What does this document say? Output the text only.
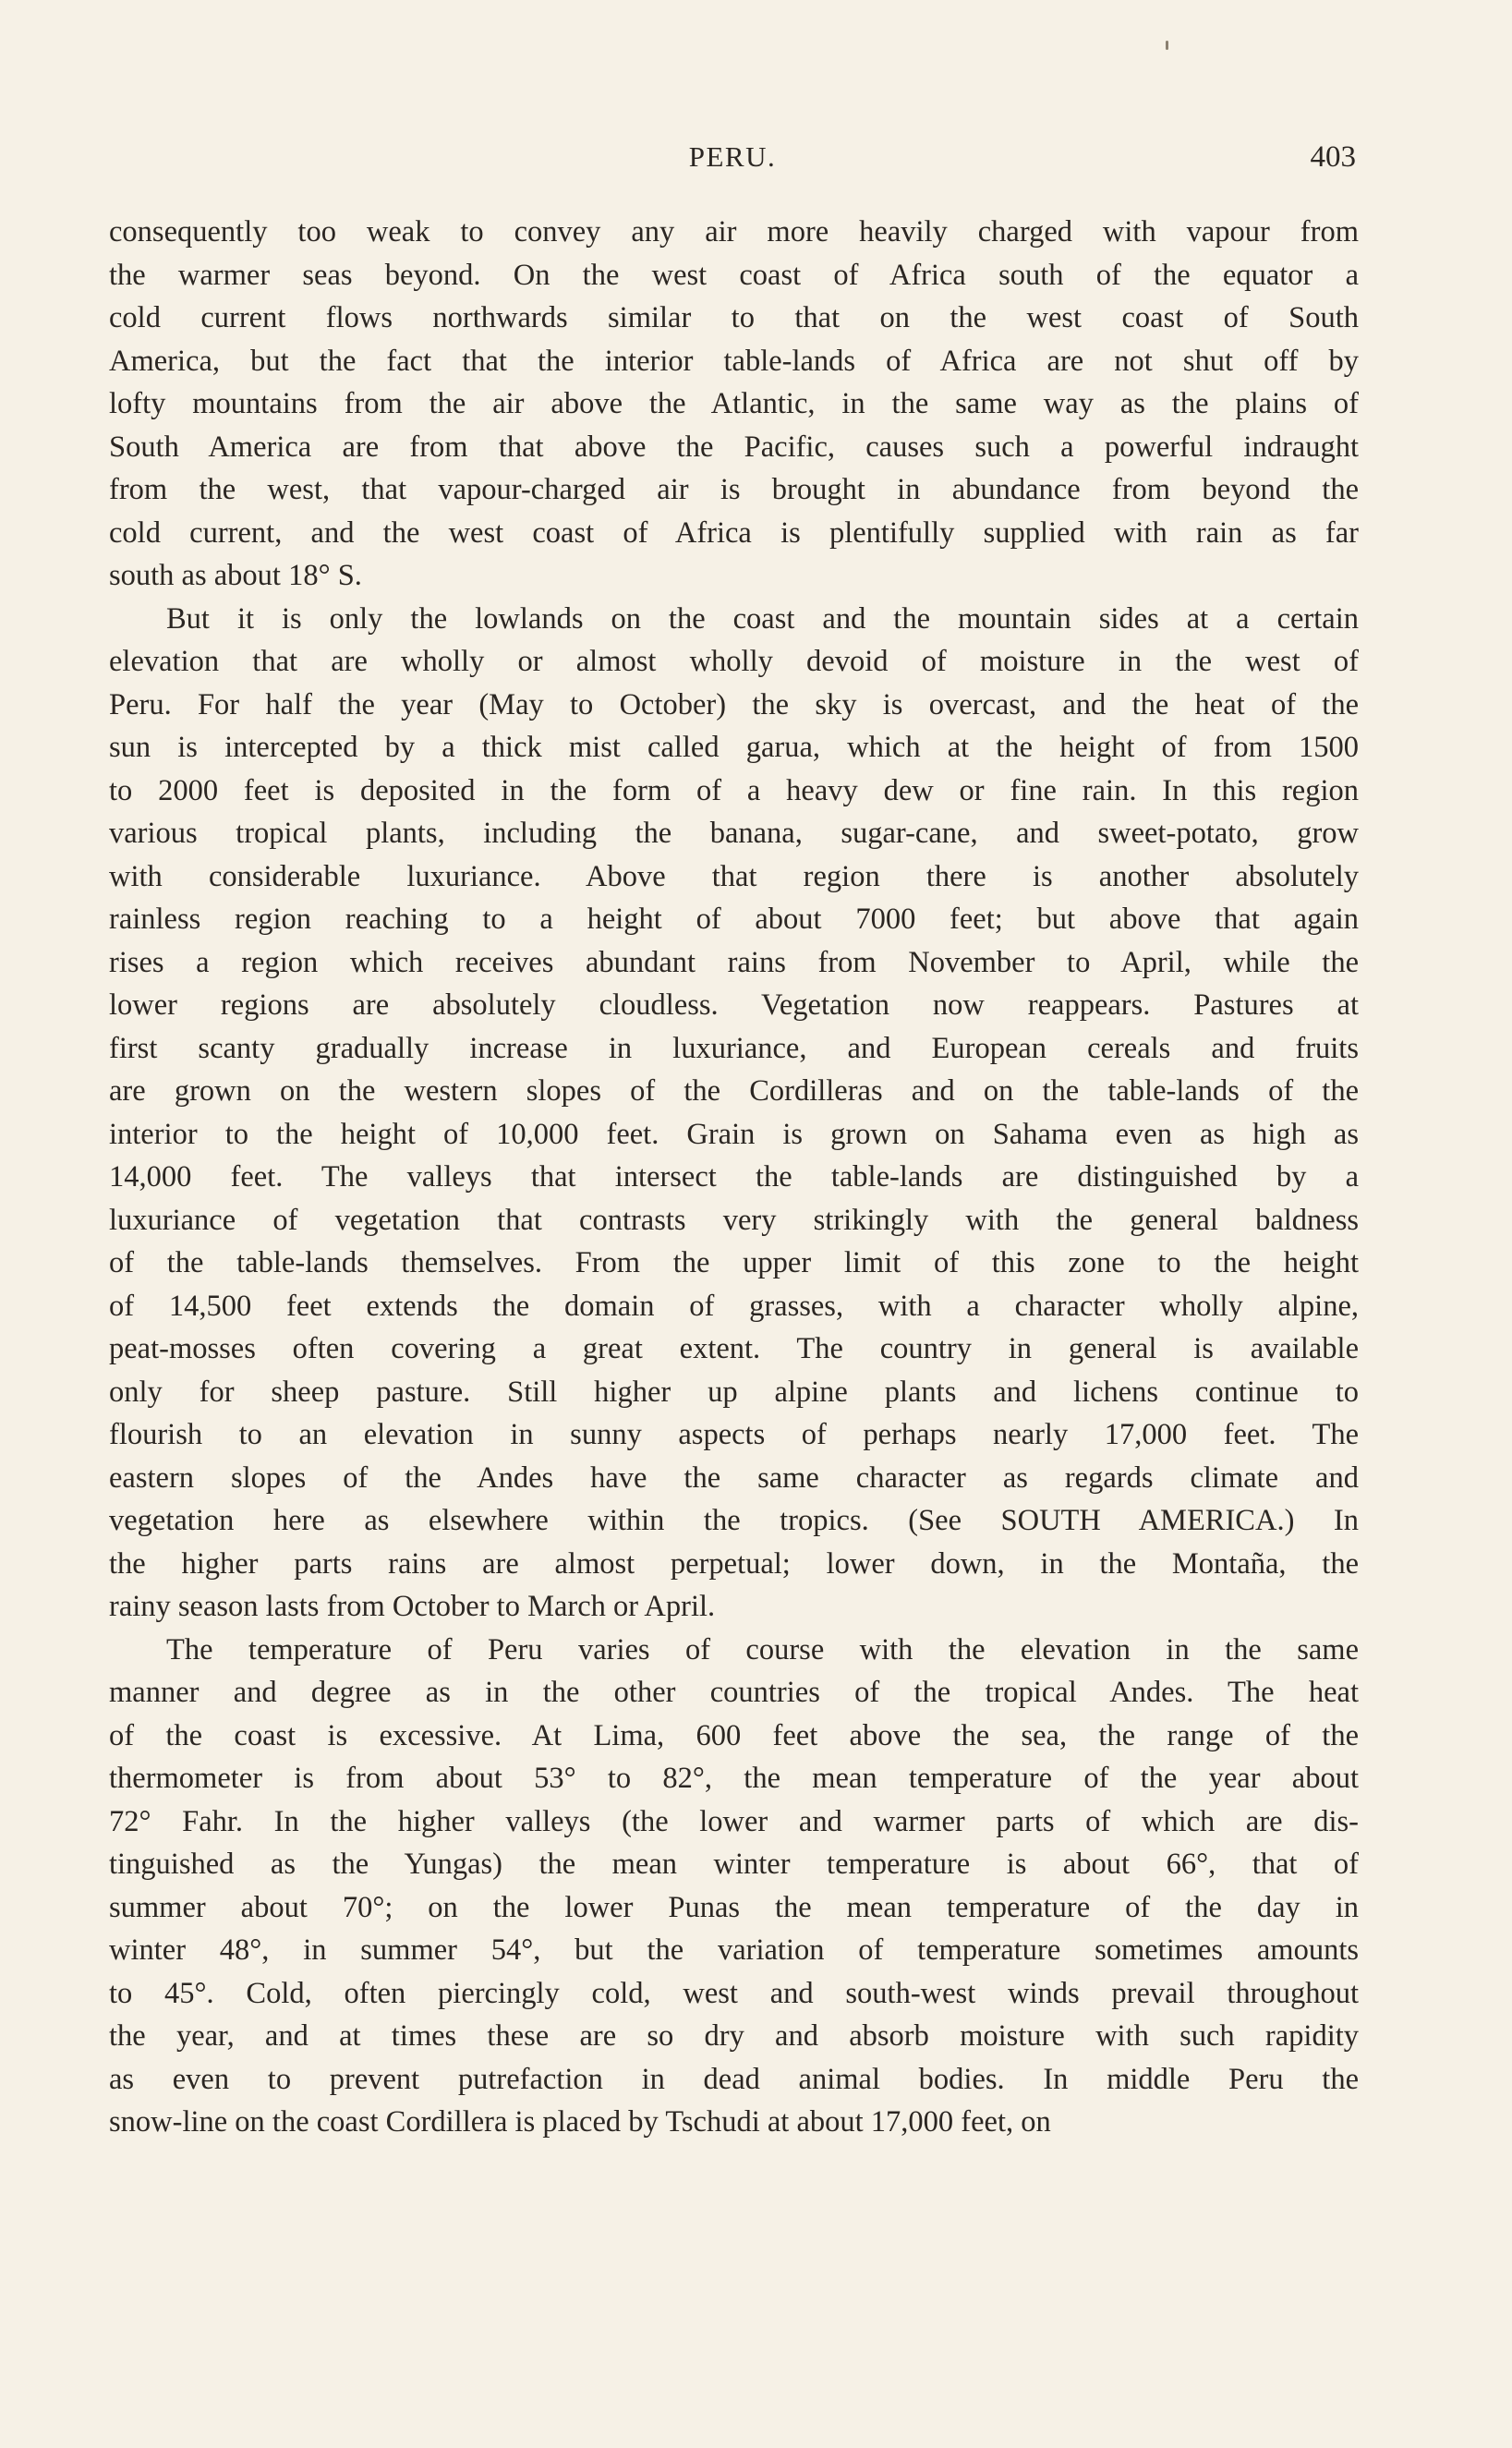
PERU.	403
consequently too weak to convey any air more heavily charged with vapour from
the warmer seas beyond. On the west coast of Africa south of the equator a
cold current flows northwards similar to that on the west coast of South
America, but the fact that the interior table-lands of Africa are not shut off by
lofty mountains from the air above the Atlantic, in the same way as the plains of
South America are from that above the Pacific, causes such a powerful indraught
from the west, that vapour-charged air is brought in abundance from beyond the
cold current, and the west coast of Africa is plentifully supplied with rain as far
south as about 18° S.
But it is only the lowlands on the coast and the mountain sides at a certain
elevation that are wholly or almost wholly devoid of moisture in the west of
Peru. For half the year (May to October) the sky is overcast, and the heat of the
sun is intercepted by a thick mist called garua, which at the height of from 1500
to 2000 feet is deposited in the form of a heavy dew or fine rain. In this region
various tropical plants, including the banana, sugar-cane, and sweet-potato, grow
with considerable luxuriance. Above that region there is another absolutely
rainless region reaching to a height of about 7000 feet; but above that again
rises a region which receives abundant rains from November to April, while the
lower regions are absolutely cloudless. Vegetation now reappears. Pastures at
first scanty gradually increase in luxuriance, and European cereals and fruits
are grown on the western slopes of the Cordilleras and on the table-lands of the
interior to the height of 10,000 feet. Grain is grown on Sahama even as high as
14,000 feet. The valleys that intersect the table-lands are distinguished by a
luxuriance of vegetation that contrasts very strikingly with the general baldness
of the table-lands themselves. From the upper limit of this zone to the height
of 14,500 feet extends the domain of grasses, with a character wholly alpine,
peat-mosses often covering a great extent. The country in general is available
only for sheep pasture. Still higher up alpine plants and lichens continue to
flourish to an elevation in sunny aspects of perhaps nearly 17,000 feet. The
eastern slopes of the Andes have the same character as regards climate and
vegetation here as elsewhere within the tropics. (See SOUTH AMERICA.) In
the higher parts rains are almost perpetual; lower down, in the Montaña, the
rainy season lasts from October to March or April.
The temperature of Peru varies of course with the elevation in the same
manner and degree as in the other countries of the tropical Andes. The heat
of the coast is excessive. At Lima, 600 feet above the sea, the range of the
thermometer is from about 53° to 82°, the mean temperature of the year about
72° Fahr. In the higher valleys (the lower and warmer parts of which are dis-
tinguished as the Yungas) the mean winter temperature is about 66°, that of
summer about 70°; on the lower Punas the mean temperature of the day in
winter 48°, in summer 54°, but the variation of temperature sometimes amounts
to 45°. Cold, often piercingly cold, west and south-west winds prevail throughout
the year, and at times these are so dry and absorb moisture with such rapidity
as even to prevent putrefaction in dead animal bodies. In middle Peru the
snow-line on the coast Cordillera is placed by Tschudi at about 17,000 feet, on
